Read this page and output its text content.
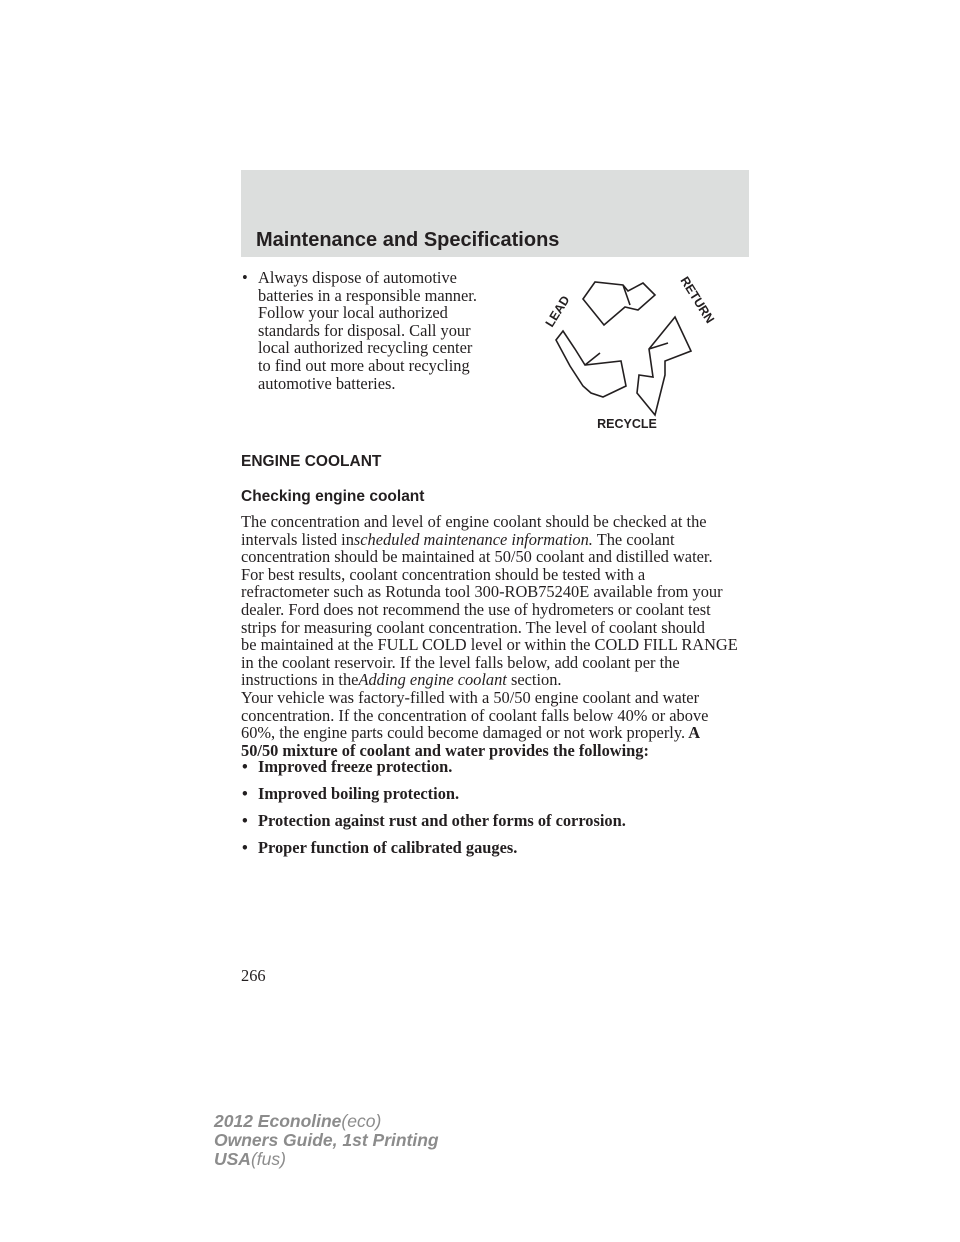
Maintenance and Specifications
• Always dispose of automotive
batteries in a responsible manner.
Follow your local authorized
standards for disposal. Call your
local authorized recycling center
to find out more about recycling
automotive batteries.
LEAD	RETURN
RECYCLE
ENGINE COOLANT
Checking engine coolant
The concentration and level of engine coolant should be checked at the
intervals listed inscheduled maintenance information. The coolant
concentration should be maintained at 50/50 coolant and distilled water.
For best results, coolant concentration should be tested with a
refractometer such as Rotunda tool 300-ROB75240E available from your
dealer. Ford does not recommend the use of hydrometers or coolant test
strips for measuring coolant concentration. The level of coolant should
be maintained at the FULL COLD level or within the COLD FILL RANGE
in the coolant reservoir. If the level falls below, add coolant per the
instructions in theAdding engine coolant section.
Your vehicle was factory-filled with a 50/50 engine coolant and water
concentration. If the concentration of coolant falls below 40% or above
60%, the engine parts could become damaged or not work properly. A
50/50 mixture of coolant and water provides the following:
• Improved freeze protection.
• Improved boiling protection.
• Protection against rust and other forms of corrosion.
• Proper function of calibrated gauges.
266
2012 Econoline(eco)
Owners Guide, 1st Printing
USA(fus)
